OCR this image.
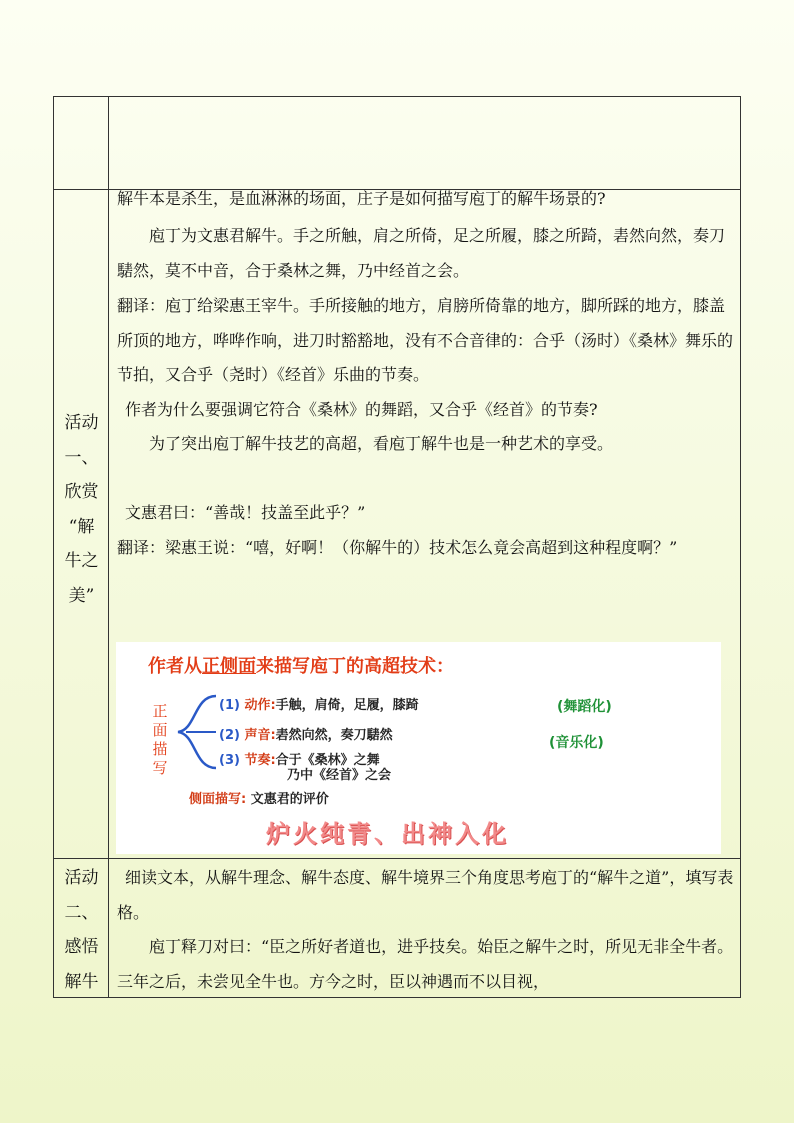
活动
一、
欣赏
“解
牛之
美”

解牛本是杀生，是血淋淋的场面，庄子是如何描写庖丁的解牛场景的?

庖丁为文惠君解牛。手之所触，肩之所倚，足之所履，膝之所踦，砉然向然，奏刀騞然，莫不中音，合于桑林之舞，乃中经首之会。

翻译：庖丁给梁惠王宰牛。手所接触的地方，肩膀所倚靠的地方，脚所踩的地方，膝盖所顶的地方，哗哗作响，进刀时豁豁地，没有不合音律的：合乎（汤时）《桑林》舞乐的节拍，又合乎（尧时）《经首》乐曲的节奏。

作者为什么要强调它符合《桑林》的舞蹈，又合乎《经首》的节奏?

为了突出庖丁解牛技艺的高超，看庖丁解牛也是一种艺术的享受。

文惠君曰：“善哉！技盖至此乎？”

翻译：梁惠王说：“嘻，好啊！（你解牛的）技术怎么竟会高超到这种程度啊？”

作者从正侧面来描写庖丁的高超技术：
正
面
描
写
(1) 动作:手触，肩倚，足履，膝踦
(2) 声音:砉然向然，奏刀騞然
(3) 节奏:合于《桑林》之舞
乃中《经首》之会
(舞蹈化)
(音乐化)
侧面描写: 文惠君的评价
炉火纯青、出神入化
活动
二、
感悟
解牛

细读文本，从解牛理念、解牛态度、解牛境界三个角度思考庖丁的“解牛之道”，填写表格。

庖丁释刀对曰：“臣之所好者道也，进乎技矣。始臣之解牛之时，所见无非全牛者。三年之后，未尝见全牛也。方今之时，臣以神遇而不以目视，
